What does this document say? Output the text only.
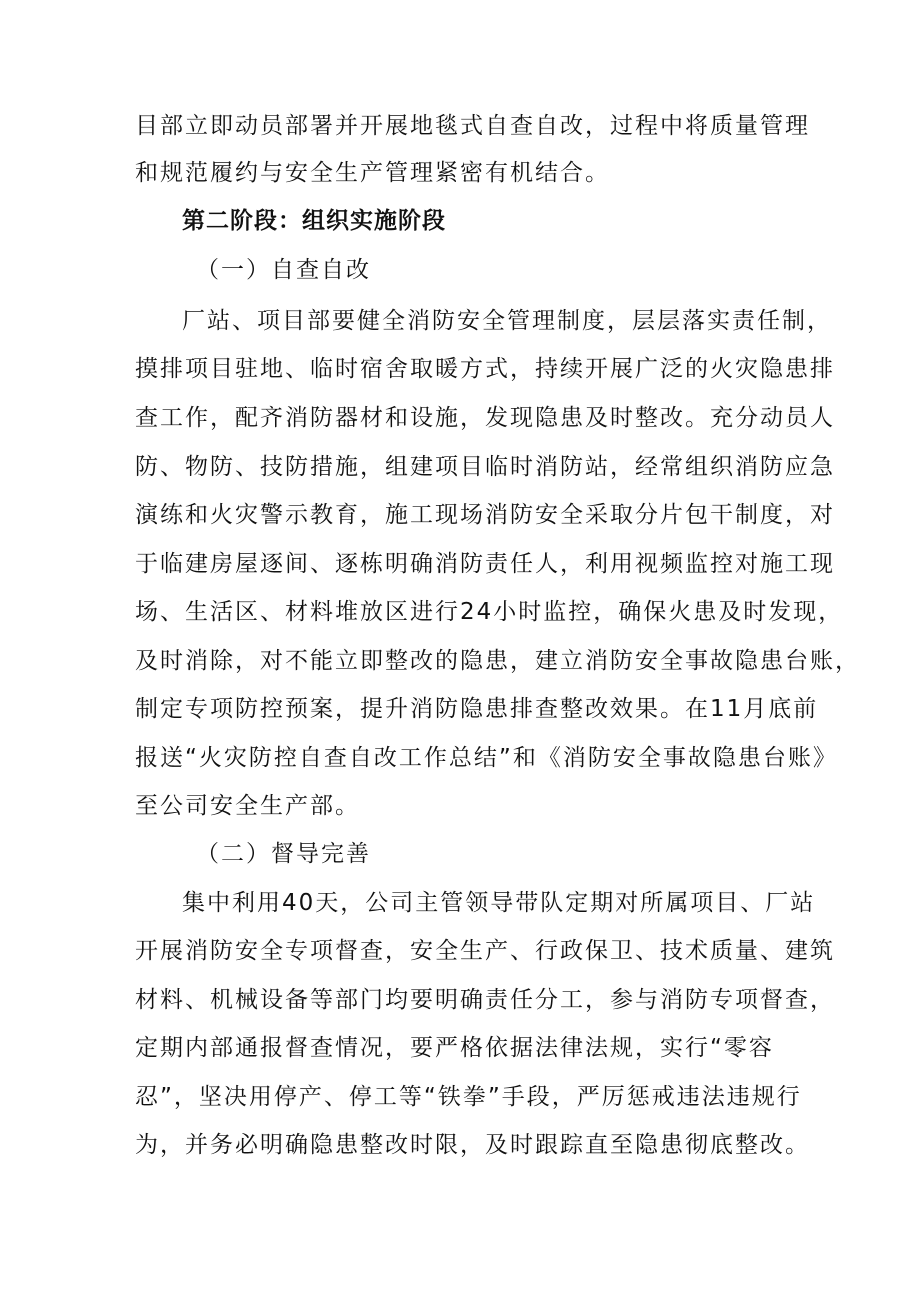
目部立即动员部署并开展地毯式自查自改，过程中将质量管理
和规范履约与安全生产管理紧密有机结合。
第二阶段：组织实施阶段
（一）自查自改
厂站、项目部要健全消防安全管理制度，层层落实责任制，
摸排项目驻地、临时宿舍取暖方式，持续开展广泛的火灾隐患排
查工作，配齐消防器材和设施，发现隐患及时整改。充分动员人
防、物防、技防措施，组建项目临时消防站，经常组织消防应急
演练和火灾警示教育，施工现场消防安全采取分片包干制度，对
于临建房屋逐间、逐栋明确消防责任人，利用视频监控对施工现
场、生活区、材料堆放区进行24小时监控，确保火患及时发现，
及时消除，对不能立即整改的隐患，建立消防安全事故隐患台账，
制定专项防控预案，提升消防隐患排查整改效果。在11月底前
报送“火灾防控自查自改工作总结”和《消防安全事故隐患台账》
至公司安全生产部。
（二）督导完善
集中利用40天，公司主管领导带队定期对所属项目、厂站
开展消防安全专项督查，安全生产、行政保卫、技术质量、建筑
材料、机械设备等部门均要明确责任分工，参与消防专项督查，
定期内部通报督查情况，要严格依据法律法规，实行“零容
忍”，坚决用停产、停工等“铁拳”手段，严厉惩戒违法违规行
为，并务必明确隐患整改时限，及时跟踪直至隐患彻底整改。
